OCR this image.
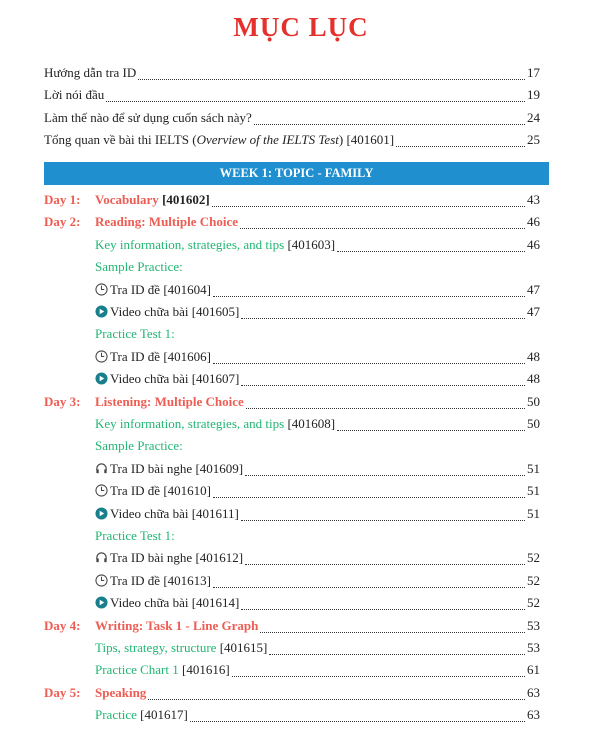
MỤC LỤC
Hướng dẫn tra ID	17
Lời nói đầu	19
Làm thế nào để sử dụng cuốn sách này?	24
Tổng quan về bài thi IELTS (Overview of the IELTS Test) [401601]	25
WEEK 1: TOPIC - FAMILY
Day 1:	Vocabulary [401602]	43
Day 2:	Reading: Multiple Choice	46
Key information, strategies, and tips [401603]	46
Sample Practice:
Tra ID đề [401604]	47
Video chữa bài [401605]	47
Practice Test 1:
Tra ID đề [401606]	48
Video chữa bài [401607]	48
Day 3:	Listening: Multiple Choice	50
Key information, strategies, and tips [401608]	50
Sample Practice:
Tra ID bài nghe [401609]	51
Tra ID đề [401610]	51
Video chữa bài [401611]	51
Practice Test 1:
Tra ID bài nghe [401612]	52
Tra ID đề [401613]	52
Video chữa bài [401614]	52
Day 4:	Writing: Task 1 - Line Graph	53
Tips, strategy, structure [401615]	53
Practice Chart 1 [401616]	61
Day 5:	Speaking	63
Practice [401617]	63
